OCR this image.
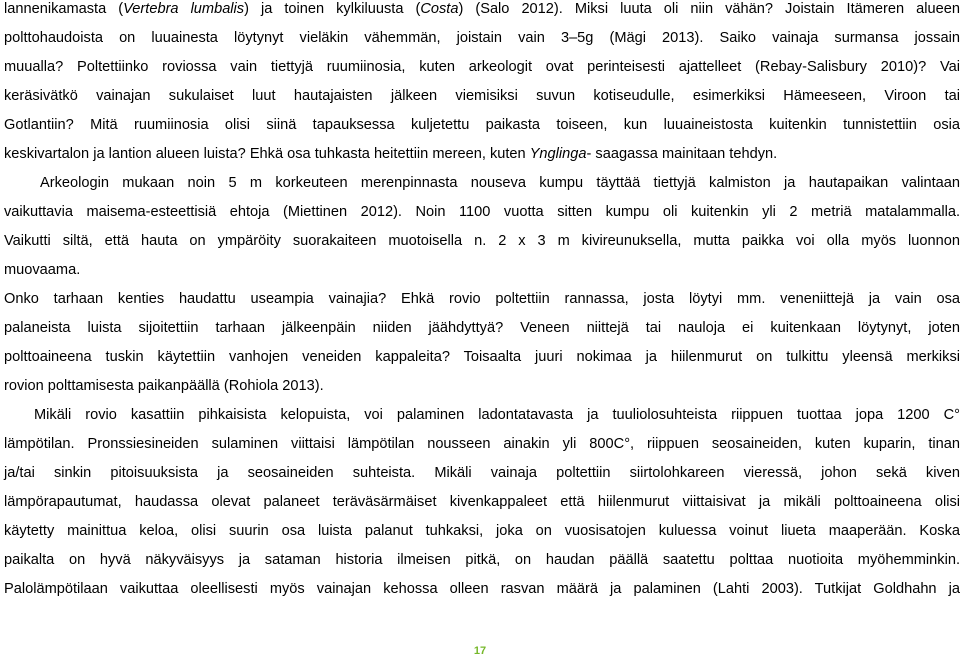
lannenikamasta (Vertebra lumbalis) ja toinen kylkiluusta (Costa) (Salo 2012). Miksi luuta oli niin vähän? Joistain Itämeren alueen
polttohaudoista on luuainesta löytynyt vieläkin vähemmän, joistain vain 3–5g (Mägi 2013). Saiko vainaja surmansa jossain
muualla? Poltettiinko roviossa vain tiettyjä ruumiinosia, kuten arkeologit ovat perinteisesti ajattelleet (Rebay-Salisbury 2010)? Vai
keräsivätkö vainajan sukulaiset luut hautajaisten jälkeen viemisiksi suvun kotiseudulle, esimerkiksi Hämeeseen, Viroon tai
Gotlantiin? Mitä ruumiinosia olisi siinä tapauksessa kuljetettu paikasta toiseen, kun luuaineistosta kuitenkin tunnistettiin osia
keskivartalon ja lantion alueen luista? Ehkä osa tuhkasta heitettiin mereen, kuten Ynglinga- saagassa mainitaan tehdyn.
Arkeologin mukaan noin 5 m korkeuteen merenpinnasta nouseva kumpu täyttää tiettyjä kalmiston ja hautapaikan valintaan
vaikuttavia maisema-esteettisiä ehtoja (Miettinen 2012). Noin 1100 vuotta sitten kumpu oli kuitenkin yli 2 metriä matalammalla.
Vaikutti siltä, että hauta on ympäröity suorakaiteen muotoisella n. 2 x 3 m kivireunuksella, mutta paikka voi olla myös luonnon
muovaama.
Onko tarhaan kenties haudattu useampia vainajia? Ehkä rovio poltettiin rannassa, josta löytyi mm. veneniittejä ja vain osa
palaneista luista sijoitettiin tarhaan jälkeenpäin niiden jäähdyttyä? Veneen niittejä tai nauloja ei kuitenkaan löytynyt, joten
polttoaineena tuskin käytettiin vanhojen veneiden kappaleita? Toisaalta juuri nokimaa ja hiilenmurut on tulkittu yleensä merkiksi
rovion polttamisesta paikanpäällä (Rohiola 2013).
Mikäli rovio kasattiin pihkaisista kelopuista, voi palaminen ladontatavasta ja tuuliolosuhteista riippuen tuottaa jopa 1200 C°
lämpötilan. Pronssiesineiden sulaminen viittaisi lämpötilan nousseen ainakin yli 800C°, riippuen seosaineiden, kuten kuparin, tinan
ja/tai sinkin pitoisuuksista ja seosaineiden suhteista. Mikäli vainaja poltettiin siirtolohkareen vieressä, johon sekä kiven
lämpörapautumat, haudassa olevat palaneet teräväsärmäiset kivenkappaleet että hiilenmurut viittaisivat ja mikäli polttoaineena olisi
käytetty mainittua keloa, olisi suurin osa luista palanut tuhkaksi, joka on vuosisatojen kuluessa voinut liueta maaperään. Koska
paikalta on hyvä näkyväisyys ja sataman historia ilmeisen pitkä, on haudan päällä saatettu polttaa nuotioita myöhemminkin.
Palolämpötilaan vaikuttaa oleellisesti myös vainajan kehossa olleen rasvan määrä ja palaminen (Lahti 2003). Tutkijat Goldhahn ja
17
